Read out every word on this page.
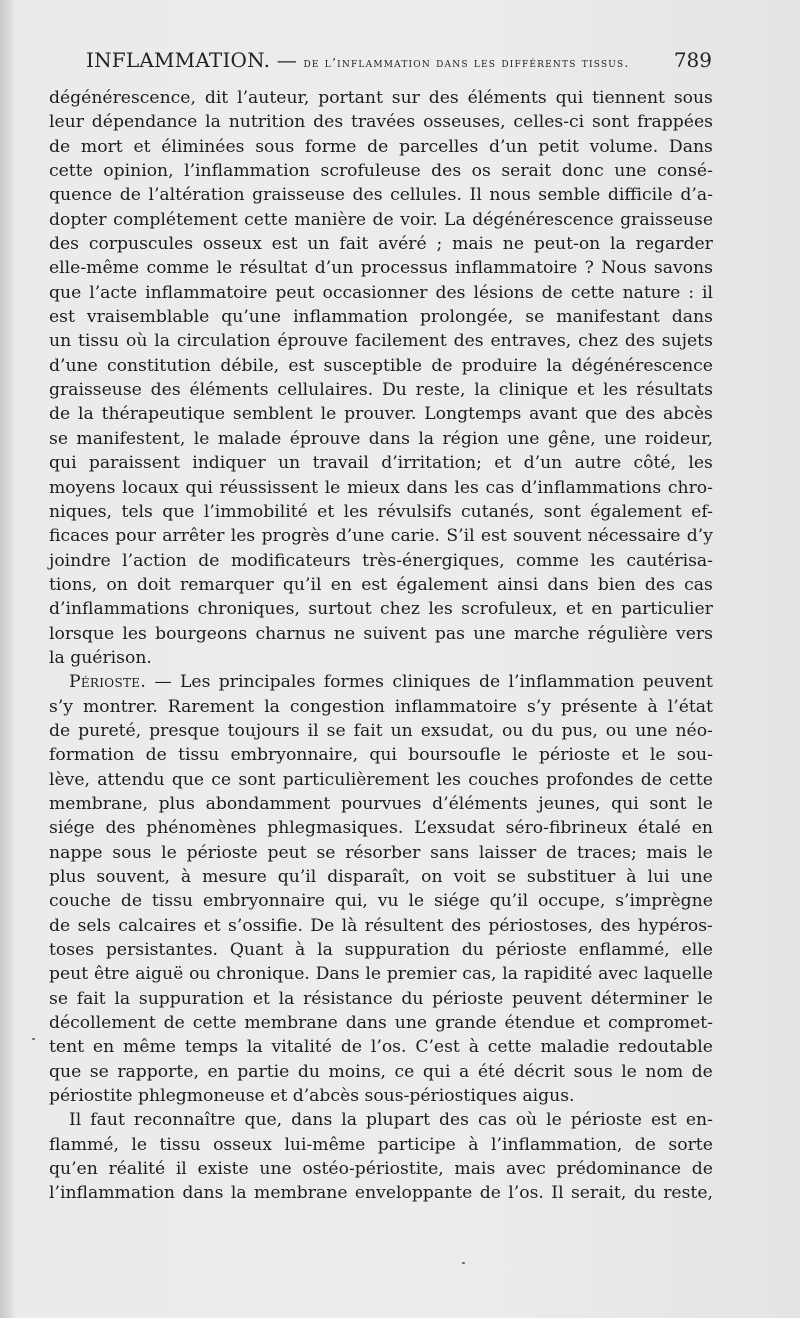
INFLAMMATION. — de l’inflammation dans les différents tissus. 789
dégénérescence, dit l’auteur, portant sur des éléments qui tiennent sous
leur dépendance la nutrition des travées osseuses, celles-ci sont frappées
de mort et éliminées sous forme de parcelles d’un petit volume. Dans
cette opinion, l’inflammation scrofuleuse des os serait donc une consé-
quence de l’altération graisseuse des cellules. Il nous semble difficile d’a-
dopter complétement cette manière de voir. La dégénérescence graisseuse
des corpuscules osseux est un fait avéré ; mais ne peut-on la regarder
elle-même comme le résultat d’un processus inflammatoire ? Nous savons
que l’acte inflammatoire peut occasionner des lésions de cette nature : il
est vraisemblable qu’une inflammation prolongée, se manifestant dans
un tissu où la circulation éprouve facilement des entraves, chez des sujets
d’une constitution débile, est susceptible de produire la dégénérescence
graisseuse des éléments cellulaires. Du reste, la clinique et les résultats
de la thérapeutique semblent le prouver. Longtemps avant que des abcès
se manifestent, le malade éprouve dans la région une gêne, une roideur,
qui paraissent indiquer un travail d’irritation; et d’un autre côté, les
moyens locaux qui réussissent le mieux dans les cas d’inflammations chro-
niques, tels que l’immobilité et les révulsifs cutanés, sont également ef-
ficaces pour arrêter les progrès d’une carie. S’il est souvent nécessaire d’y
joindre l’action de modificateurs très-énergiques, comme les cautérisa-
tions, on doit remarquer qu’il en est également ainsi dans bien des cas
d’inflammations chroniques, surtout chez les scrofuleux, et en particulier
lorsque les bourgeons charnus ne suivent pas une marche régulière vers
la guérison.
Périoste. — Les principales formes cliniques de l’inflammation peuvent
s’y montrer. Rarement la congestion inflammatoire s’y présente à l’état
de pureté, presque toujours il se fait un exsudat, ou du pus, ou une néo-
formation de tissu embryonnaire, qui boursoufle le périoste et le sou-
lève, attendu que ce sont particulièrement les couches profondes de cette
membrane, plus abondamment pourvues d’éléments jeunes, qui sont le
siége des phénomènes phlegmasiques. L’exsudat séro-fibrineux étalé en
nappe sous le périoste peut se résorber sans laisser de traces; mais le
plus souvent, à mesure qu’il disparaît, on voit se substituer à lui une
couche de tissu embryonnaire qui, vu le siége qu’il occupe, s’imprègne
de sels calcaires et s’ossifie. De là résultent des périostoses, des hypéros-
toses persistantes. Quant à la suppuration du périoste enflammé, elle
peut être aiguë ou chronique. Dans le premier cas, la rapidité avec laquelle
se fait la suppuration et la résistance du périoste peuvent déterminer le
décollement de cette membrane dans une grande étendue et compromet-
tent en même temps la vitalité de l’os. C’est à cette maladie redoutable
que se rapporte, en partie du moins, ce qui a été décrit sous le nom de
périostite phlegmoneuse et d’abcès sous-périostiques aigus.
Il faut reconnaître que, dans la plupart des cas où le périoste est en-
flammé, le tissu osseux lui-même participe à l’inflammation, de sorte
qu’en réalité il existe une ostéo-périostite, mais avec prédominance de
l’inflammation dans la membrane enveloppante de l’os. Il serait, du reste,
